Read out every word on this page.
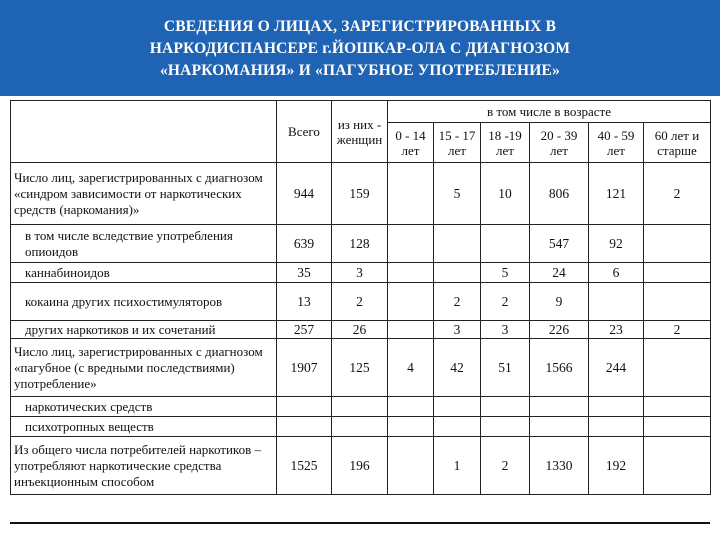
СВЕДЕНИЯ О ЛИЦАХ, ЗАРЕГИСТРИРОВАННЫХ В
НАРКОДИСПАНСЕРЕ г.ЙОШКАР-ОЛА С ДИАГНОЗОМ
«НАРКОМАНИЯ» И «ПАГУБНОЕ УПОТРЕБЛЕНИЕ»
	Всего	из них - женщин	в том числе в возрасте					
			0 - 14 лет	15 - 17 лет	18 -19 лет	20 - 39 лет	40 - 59 лет	60 лет и старше
Число лиц, зарегистрированных с диагнозом «синдром зависимости от наркотических средств (наркомания)»	944	159		5	10	806	121	2
в том числе вследствие употребления опиоидов	639	128				547	92	
каннабиноидов	35	3			5	24	6	
кокаина других психостимуляторов	13	2		2	2	9		
других наркотиков и их сочетаний	257	26		3	3	226	23	2
Число лиц, зарегистрированных с диагнозом «пагубное (с вредными последствиями) употребление»	1907	125	4	42	51	1566	244	
наркотических средств								
психотропных веществ								
Из общего числа потребителей наркотиков – употребляют наркотические средства инъекционным способом	1525	196		1	2	1330	192	
